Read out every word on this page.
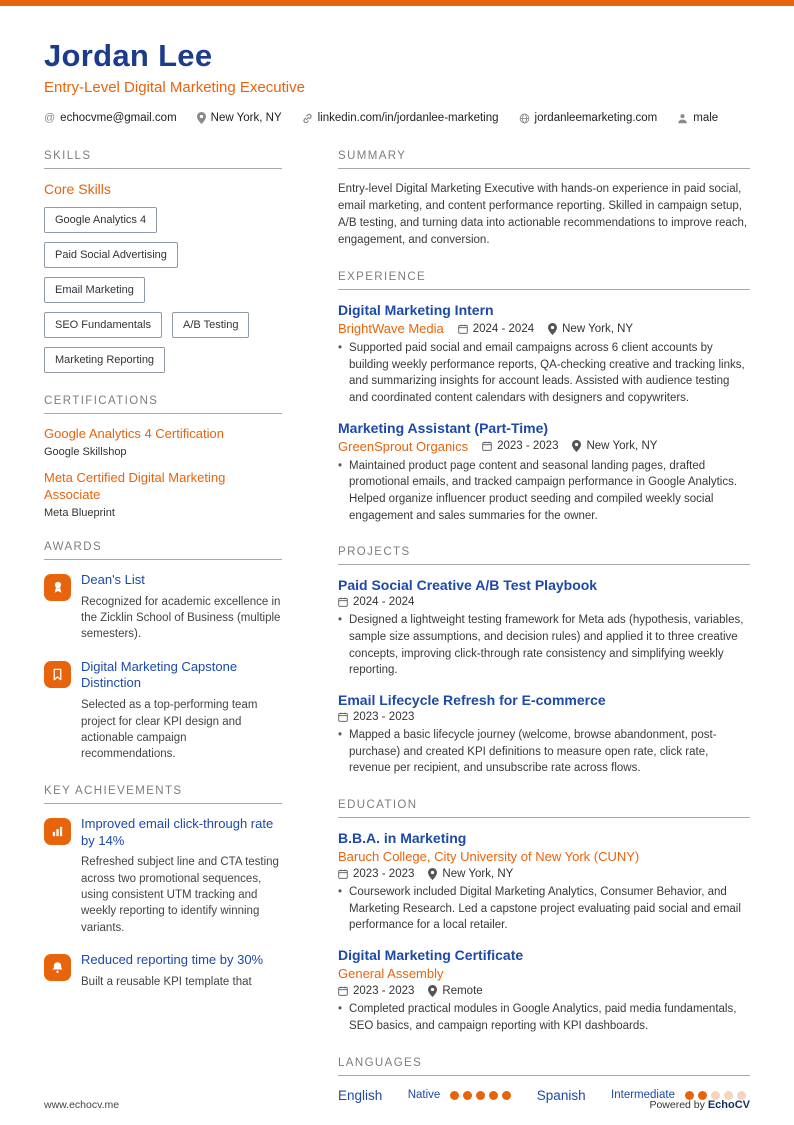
Jordan Lee
Entry-Level Digital Marketing Executive
@ echocvme@gmail.com	New York, NY	linkedin.com/in/jordanlee-marketing	jordanleemarketing.com	male
SKILLS
Core Skills
Google Analytics 4
Paid Social Advertising
Email Marketing
SEO Fundamentals	A/B Testing
Marketing Reporting
CERTIFICATIONS
Google Analytics 4 Certification
Google Skillshop
Meta Certified Digital Marketing Associate
Meta Blueprint
AWARDS
Dean's List
Recognized for academic excellence in the Zicklin School of Business (multiple semesters).
Digital Marketing Capstone Distinction
Selected as a top-performing team project for clear KPI design and actionable campaign recommendations.
KEY ACHIEVEMENTS
Improved email click-through rate by 14%
Refreshed subject line and CTA testing across two promotional sequences, using consistent UTM tracking and weekly reporting to identify winning variants.
Reduced reporting time by 30%
Built a reusable KPI template that
SUMMARY
Entry-level Digital Marketing Executive with hands-on experience in paid social, email marketing, and content performance reporting. Skilled in campaign setup, A/B testing, and turning data into actionable recommendations to improve reach, engagement, and conversion.
EXPERIENCE
Digital Marketing Intern
BrightWave Media	2024 - 2024 New York, NY
• Supported paid social and email campaigns across 6 client accounts by building weekly performance reports, QA-checking creative and tracking links, and summarizing insights for account leads. Assisted with audience testing and coordinated content calendars with designers and copywriters.
Marketing Assistant (Part-Time)
GreenSprout Organics	2023 - 2023 New York, NY
• Maintained product page content and seasonal landing pages, drafted promotional emails, and tracked campaign performance in Google Analytics. Helped organize influencer product seeding and compiled weekly social engagement and sales summaries for the owner.
PROJECTS
Paid Social Creative A/B Test Playbook
2024 - 2024
• Designed a lightweight testing framework for Meta ads (hypothesis, variables, sample size assumptions, and decision rules) and applied it to three creative concepts, improving click-through rate consistency and simplifying weekly reporting.
Email Lifecycle Refresh for E-commerce
2023 - 2023
• Mapped a basic lifecycle journey (welcome, browse abandonment, post-purchase) and created KPI definitions to measure open rate, click rate, revenue per recipient, and unsubscribe rate across flows.
EDUCATION
B.B.A. in Marketing
Baruch College, City University of New York (CUNY)
2023 - 2023 New York, NY
• Coursework included Digital Marketing Analytics, Consumer Behavior, and Marketing Research. Led a capstone project evaluating paid social and email performance for a local retailer.
Digital Marketing Certificate
General Assembly
2023 - 2023 Remote
• Completed practical modules in Google Analytics, paid media fundamentals, SEO basics, and campaign reporting with KPI dashboards.
LANGUAGES
English Native	Spanish Intermediate
www.echocv.me	Powered by EchoCV
